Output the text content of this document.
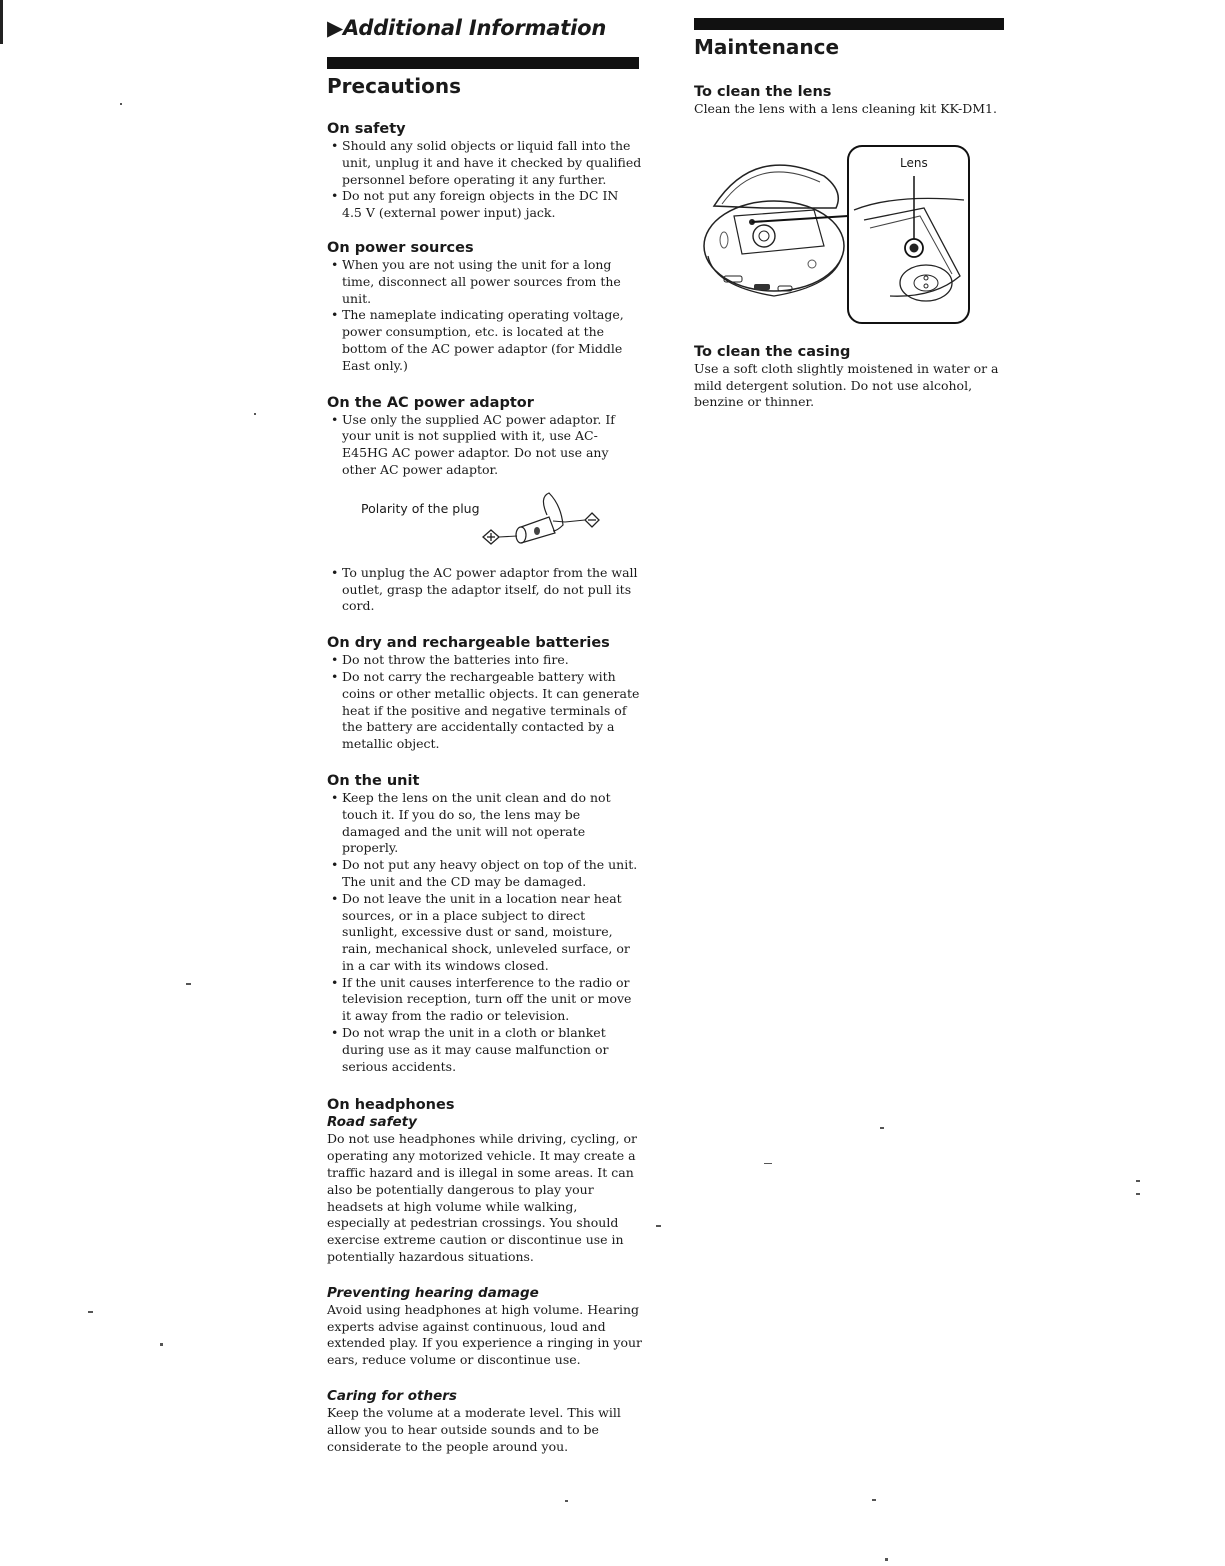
▶Additional Information
Precautions
On safety
• Should any solid objects or liquid fall into the unit, unplug it and have it checked by qualified personnel before operating it any further.
• Do not put any foreign objects in the DC IN 4.5 V (external power input) jack.
On power sources
• When you are not using the unit for a long time, disconnect all power sources from the unit.
• The nameplate indicating operating voltage, power consumption, etc. is located at the bottom of the AC power adaptor (for Middle East only.)
On the AC power adaptor
• Use only the supplied AC power adaptor. If your unit is not supplied with it, use AC-E45HG AC power adaptor. Do not use any other AC power adaptor.
Polarity of the plug
• To unplug the AC power adaptor from the wall outlet, grasp the adaptor itself, do not pull its cord.
On dry and rechargeable batteries
• Do not throw the batteries into fire.
• Do not carry the rechargeable battery with coins or other metallic objects. It can generate heat if the positive and negative terminals of the battery are accidentally contacted by a metallic object.
On the unit
• Keep the lens on the unit clean and do not touch it. If you do so, the lens may be damaged and the unit will not operate properly.
• Do not put any heavy object on top of the unit. The unit and the CD may be damaged.
• Do not leave the unit in a location near heat sources, or in a place subject to direct sunlight, excessive dust or sand, moisture, rain, mechanical shock, unleveled surface, or in a car with its windows closed.
• If the unit causes interference to the radio or television reception, turn off the unit or move it away from the radio or television.
• Do not wrap the unit in a cloth or blanket during use as it may cause malfunction or serious accidents.
On headphones
Road safety

Do not use headphones while driving, cycling, or operating any motorized vehicle. It may create a traffic hazard and is illegal in some areas. It can also be potentially dangerous to play your headsets at high volume while walking, especially at pedestrian crossings. You should exercise extreme caution or discontinue use in potentially hazardous situations.

Preventing hearing damage

Avoid using headphones at high volume. Hearing experts advise against continuous, loud and extended play. If you experience a ringing in your ears, reduce volume or discontinue use.

Caring for others

Keep the volume at a moderate level. This will allow you to hear outside sounds and to be considerate to the people around you.

Maintenance
To clean the lens

Clean the lens with a lens cleaning kit KK-DM1.

Lens
To clean the casing

Use a soft cloth slightly moistened in water or a mild detergent solution. Do not use alcohol, benzine or thinner.
